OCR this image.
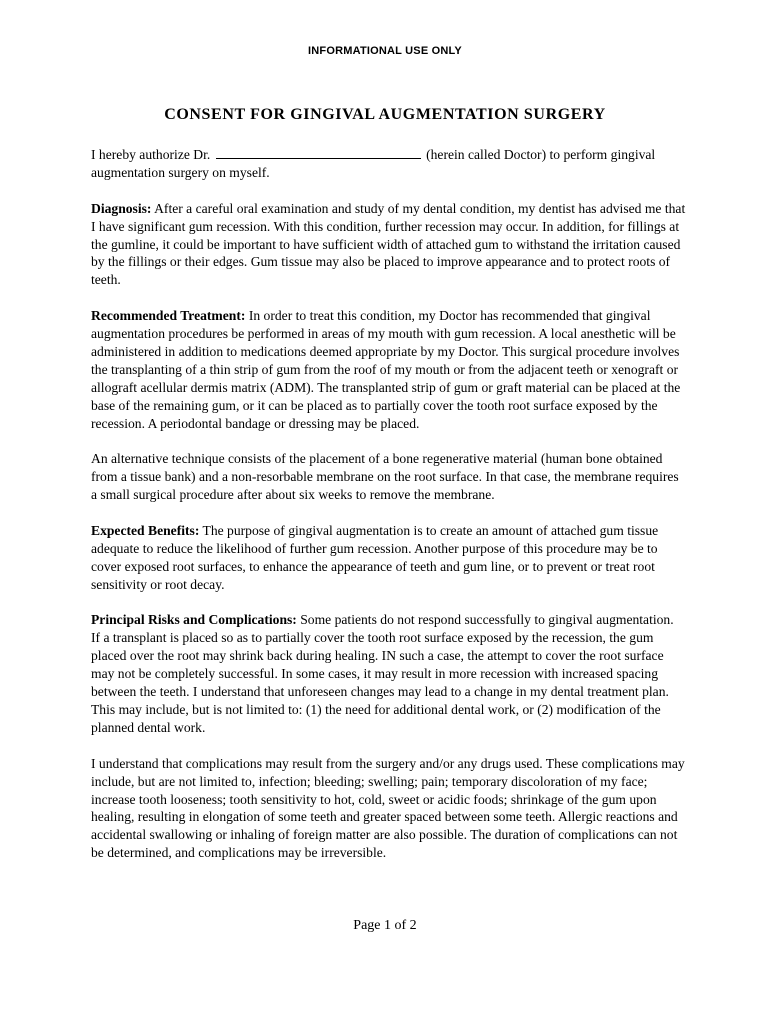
INFORMATIONAL USE ONLY
CONSENT FOR GINGIVAL AUGMENTATION SURGERY

I hereby authorize Dr.	(herein called Doctor) to perform gingival augmentation surgery on myself.

Diagnosis: After a careful oral examination and study of my dental condition, my dentist has advised me that I have significant gum recession. With this condition, further recession may occur. In addition, for fillings at the gumline, it could be important to have sufficient width of attached gum to withstand the irritation caused by the fillings or their edges. Gum tissue may also be placed to improve appearance and to protect roots of teeth.

Recommended Treatment: In order to treat this condition, my Doctor has recommended that gingival augmentation procedures be performed in areas of my mouth with gum recession. A local anesthetic will be administered in addition to medications deemed appropriate by my Doctor. This surgical procedure involves the transplanting of a thin strip of gum from the roof of my mouth or from the adjacent teeth or xenograft or allograft acellular dermis matrix (ADM). The transplanted strip of gum or graft material can be placed at the base of the remaining gum, or it can be placed as to partially cover the tooth root surface exposed by the recession. A periodontal bandage or dressing may be placed.

An alternative technique consists of the placement of a bone regenerative material (human bone obtained from a tissue bank) and a non-resorbable membrane on the root surface. In that case, the membrane requires a small surgical procedure after about six weeks to remove the membrane.

Expected Benefits: The purpose of gingival augmentation is to create an amount of attached gum tissue adequate to reduce the likelihood of further gum recession. Another purpose of this procedure may be to cover exposed root surfaces, to enhance the appearance of teeth and gum line, or to prevent or treat root sensitivity or root decay.

Principal Risks and Complications: Some patients do not respond successfully to gingival augmentation. If a transplant is placed so as to partially cover the tooth root surface exposed by the recession, the gum placed over the root may shrink back during healing. IN such a case, the attempt to cover the root surface may not be completely successful. In some cases, it may result in more recession with increased spacing between the teeth. I understand that unforeseen changes may lead to a change in my dental treatment plan. This may include, but is not limited to: (1) the need for additional dental work, or (2) modification of the planned dental work.

I understand that complications may result from the surgery and/or any drugs used. These complications may include, but are not limited to, infection; bleeding; swelling; pain; temporary discoloration of my face; increase tooth looseness; tooth sensitivity to hot, cold, sweet or acidic foods; shrinkage of the gum upon healing, resulting in elongation of some teeth and greater spaced between some teeth. Allergic reactions and accidental swallowing or inhaling of foreign matter are also possible. The duration of complications can not be determined, and complications may be irreversible.

Page 1 of 2
